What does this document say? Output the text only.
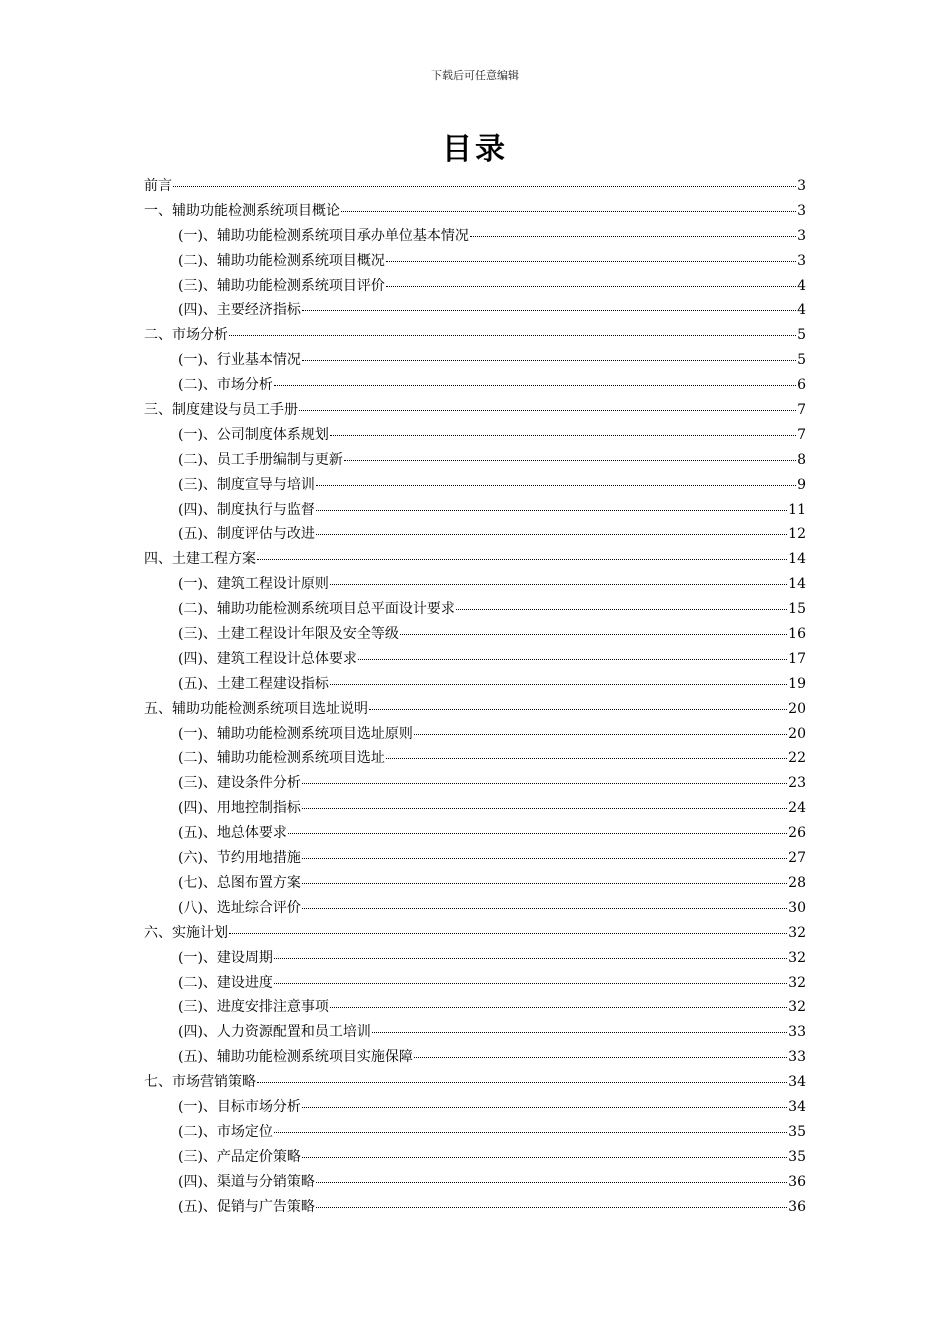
下载后可任意编辑
目录
前言	3
一、辅助功能检测系统项目概论	3
(一)、辅助功能检测系统项目承办单位基本情况	3
(二)、辅助功能检测系统项目概况	3
(三)、辅助功能检测系统项目评价	4
(四)、主要经济指标	4
二、市场分析	5
(一)、行业基本情况	5
(二)、市场分析	6
三、制度建设与员工手册	7
(一)、公司制度体系规划	7
(二)、员工手册编制与更新	8
(三)、制度宣导与培训	9
(四)、制度执行与监督	11
(五)、制度评估与改进	12
四、土建工程方案	14
(一)、建筑工程设计原则	14
(二)、辅助功能检测系统项目总平面设计要求	15
(三)、土建工程设计年限及安全等级	16
(四)、建筑工程设计总体要求	17
(五)、土建工程建设指标	19
五、辅助功能检测系统项目选址说明	20
(一)、辅助功能检测系统项目选址原则	20
(二)、辅助功能检测系统项目选址	22
(三)、建设条件分析	23
(四)、用地控制指标	24
(五)、地总体要求	26
(六)、节约用地措施	27
(七)、总图布置方案	28
(八)、选址综合评价	30
六、实施计划	32
(一)、建设周期	32
(二)、建设进度	32
(三)、进度安排注意事项	32
(四)、人力资源配置和员工培训	33
(五)、辅助功能检测系统项目实施保障	33
七、市场营销策略	34
(一)、目标市场分析	34
(二)、市场定位	35
(三)、产品定价策略	35
(四)、渠道与分销策略	36
(五)、促销与广告策略	36
